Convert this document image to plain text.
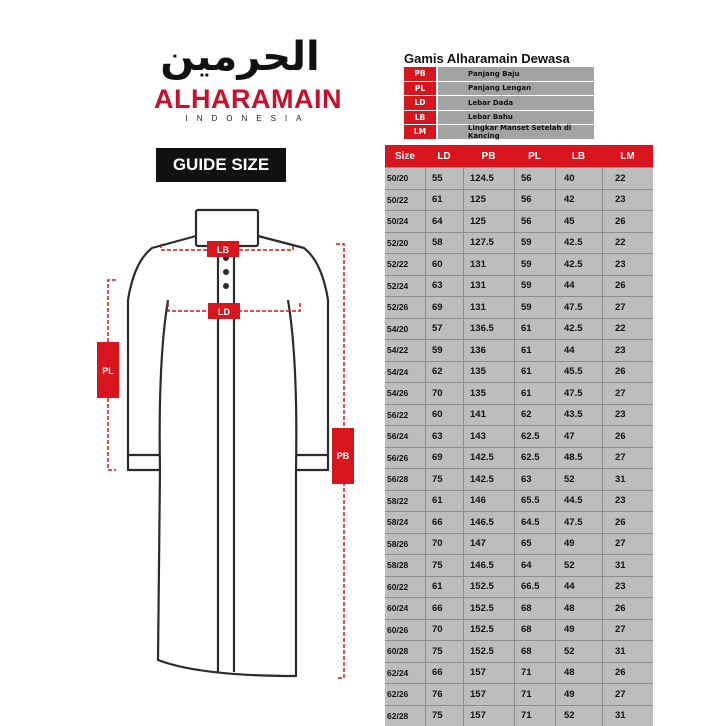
الحرمين
ALHARAMAIN
INDONESIA
GUIDE SIZE
LB
LD
PL
PB
Gamis Alharamain Dewasa
PB	Panjang Baju
PL	Panjang Lengan
LD	Lebar Dada
LB	Lebar Bahu
LM	Lingkar Manset Setelah di Kancing
Size	LD	PB	PL	LB	LM
50/20	55	124.5	56	40	22
50/22	61	125	56	42	23
50/24	64	125	56	45	26
52/20	58	127.5	59	42.5	22
52/22	60	131	59	42.5	23
52/24	63	131	59	44	26
52/26	69	131	59	47.5	27
54/20	57	136.5	61	42.5	22
54/22	59	136	61	44	23
54/24	62	135	61	45.5	26
54/26	70	135	61	47.5	27
56/22	60	141	62	43.5	23
56/24	63	143	62.5	47	26
56/26	69	142.5	62.5	48.5	27
56/28	75	142.5	63	52	31
58/22	61	146	65.5	44.5	23
58/24	66	146.5	64.5	47.5	26
58/26	70	147	65	49	27
58/28	75	146.5	64	52	31
60/22	61	152.5	66.5	44	23
60/24	66	152.5	68	48	26
60/26	70	152.5	68	49	27
60/28	75	152.5	68	52	31
62/24	66	157	71	48	26
62/26	76	157	71	49	27
62/28	75	157	71	52	31
